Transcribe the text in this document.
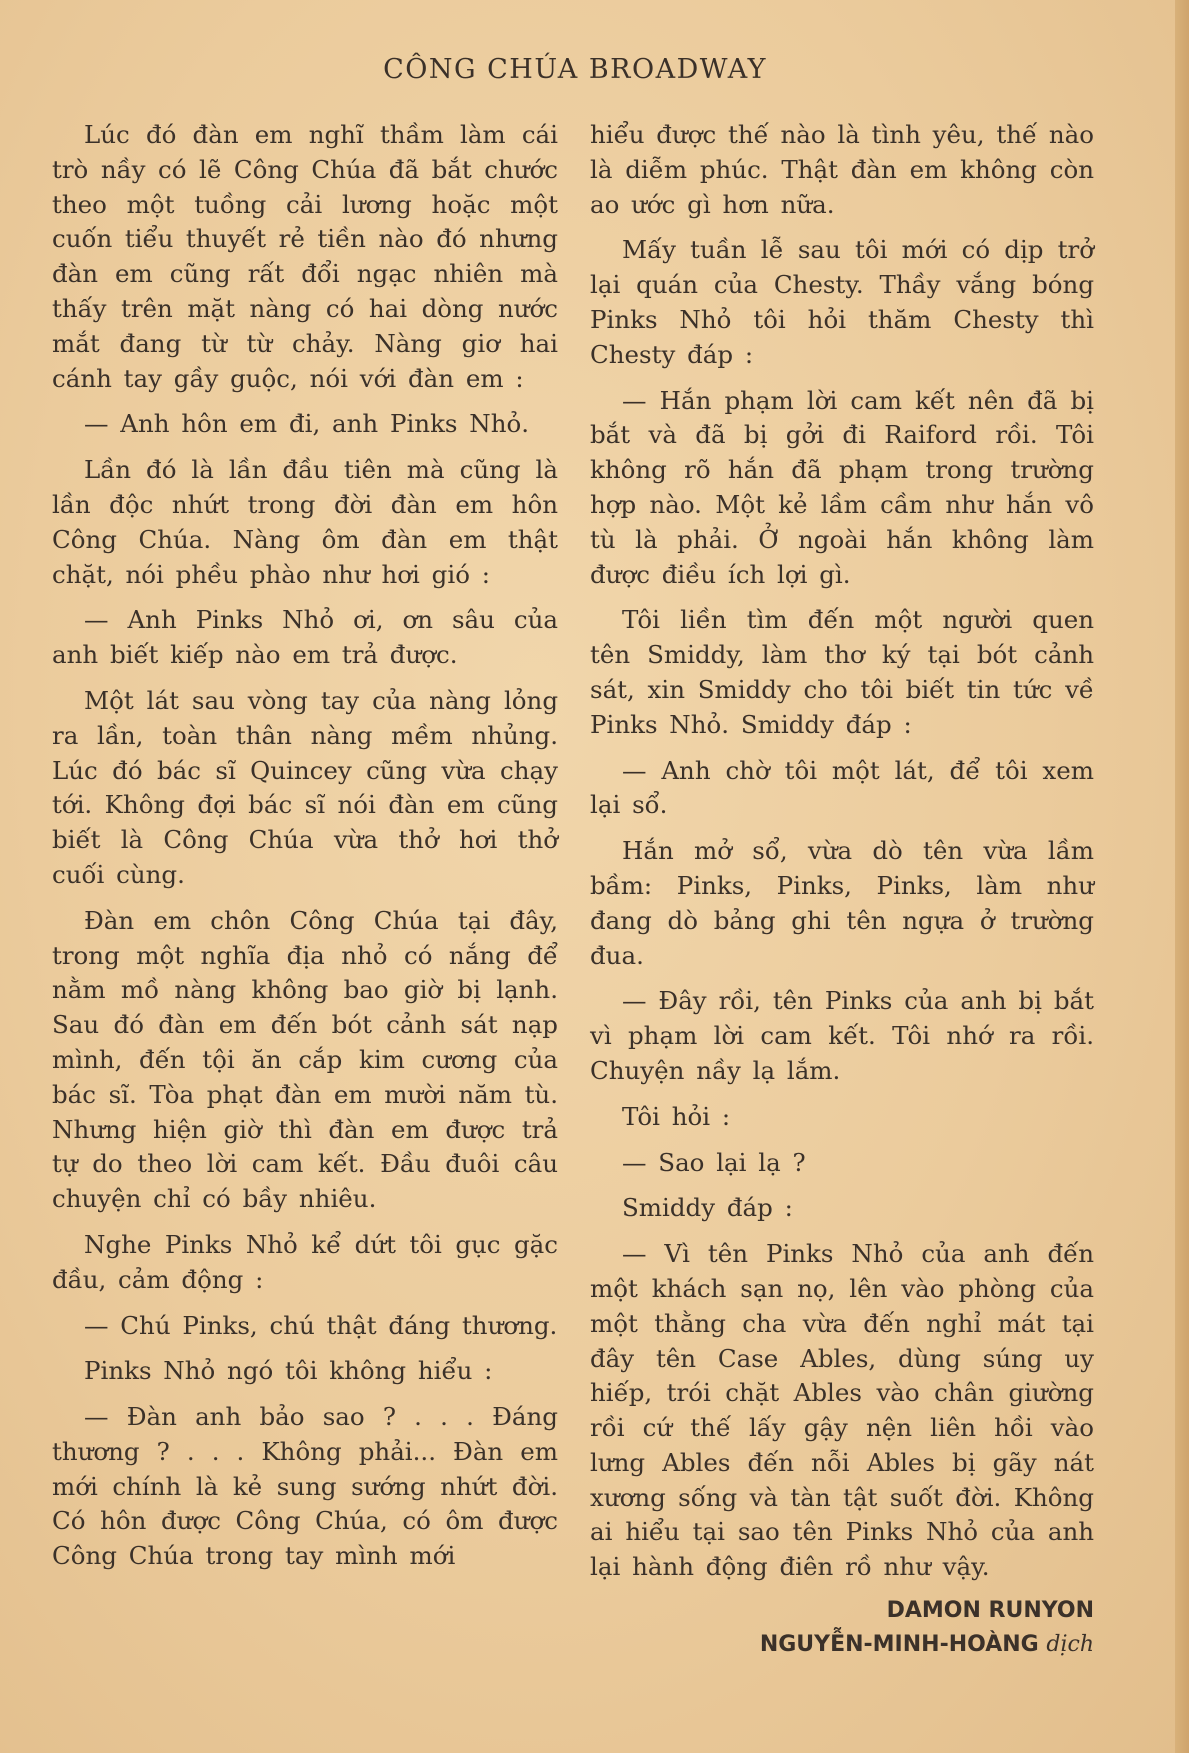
CÔNG CHÚA BROADWAY

Lúc đó đàn em nghĩ thầm làm cái trò nầy có lẽ Công Chúa đã bắt chước theo một tuồng cải lương hoặc một cuốn tiểu thuyết rẻ tiền nào đó nhưng đàn em cũng rất đổi ngạc nhiên mà thấy trên mặt nàng có hai dòng nước mắt đang từ từ chảy. Nàng giơ hai cánh tay gầy guộc, nói với đàn em :

— Anh hôn em đi, anh Pinks Nhỏ.

Lần đó là lần đầu tiên mà cũng là lần độc nhứt trong đời đàn em hôn Công Chúa. Nàng ôm đàn em thật chặt, nói phều phào như hơi gió :

— Anh Pinks Nhỏ ơi, ơn sâu của anh biết kiếp nào em trả được.

Một lát sau vòng tay của nàng lỏng ra lần, toàn thân nàng mềm nhủng. Lúc đó bác sĩ Quincey cũng vừa chạy tới. Không đợi bác sĩ nói đàn em cũng biết là Công Chúa vừa thở hơi thở cuối cùng.

Đàn em chôn Công Chúa tại đây, trong một nghĩa địa nhỏ có nắng để nằm mồ nàng không bao giờ bị lạnh. Sau đó đàn em đến bót cảnh sát nạp mình, đến tội ăn cắp kim cương của bác sĩ. Tòa phạt đàn em mười năm tù. Nhưng hiện giờ thì đàn em được trả tự do theo lời cam kết. Đầu đuôi câu chuyện chỉ có bầy nhiêu.

Nghe Pinks Nhỏ kể dứt tôi gục gặc đầu, cảm động :

— Chú Pinks, chú thật đáng thương.

Pinks Nhỏ ngó tôi không hiểu :

— Đàn anh bảo sao ? . . . Đáng thương ? . . . Không phải... Đàn em mới chính là kẻ sung sướng nhứt đời. Có hôn được Công Chúa, có ôm được Công Chúa trong tay mình mới

hiểu được thế nào là tình yêu, thế nào là diễm phúc. Thật đàn em không còn ao ước gì hơn nữa.

Mấy tuần lễ sau tôi mới có dịp trở lại quán của Chesty. Thầy vắng bóng Pinks Nhỏ tôi hỏi thăm Chesty thì Chesty đáp :

— Hắn phạm lời cam kết nên đã bị bắt và đã bị gởi đi Raiford rồi. Tôi không rõ hắn đã phạm trong trường hợp nào. Một kẻ lầm cầm như hắn vô tù là phải. Ở ngoài hắn không làm được điều ích lợi gì.

Tôi liền tìm đến một người quen tên Smiddy, làm thơ ký tại bót cảnh sát, xin Smiddy cho tôi biết tin tức về Pinks Nhỏ. Smiddy đáp :

— Anh chờ tôi một lát, để tôi xem lại sổ.

Hắn mở sổ, vừa dò tên vừa lầm bầm: Pinks, Pinks, Pinks, làm như đang dò bảng ghi tên ngựa ở trường đua.

— Đây rồi, tên Pinks của anh bị bắt vì phạm lời cam kết. Tôi nhớ ra rồi. Chuyện nầy lạ lắm.

Tôi hỏi :

— Sao lại lạ ?

Smiddy đáp :

— Vì tên Pinks Nhỏ của anh đến một khách sạn nọ, lên vào phòng của một thằng cha vừa đến nghỉ mát tại đây tên Case Ables, dùng súng uy hiếp, trói chặt Ables vào chân giường rồi cứ thế lấy gậy nện liên hồi vào lưng Ables đến nỗi Ables bị gãy nát xương sống và tàn tật suốt đời. Không ai hiểu tại sao tên Pinks Nhỏ của anh lại hành động điên rồ như vậy.

DAMON RUNYON
NGUYỄN-MINH-HOÀNG dịch
